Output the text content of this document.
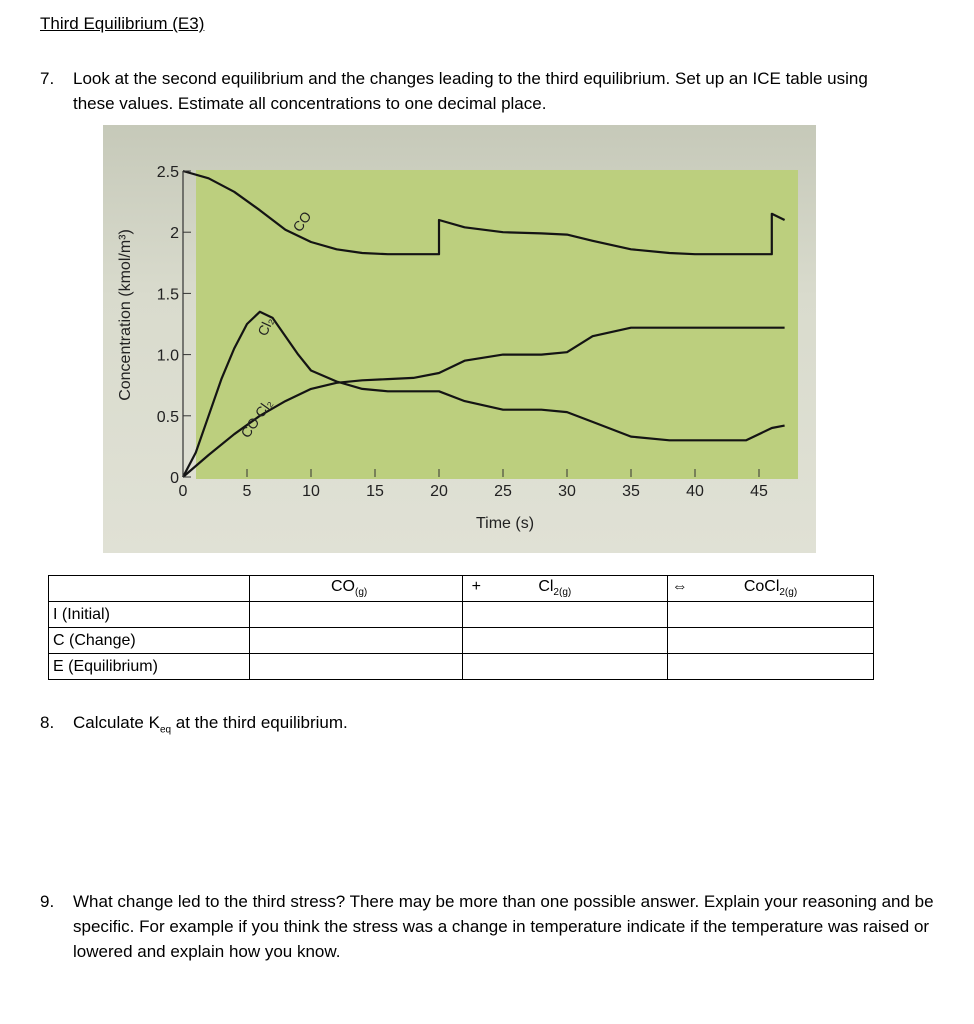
Third Equilibrium (E3)
7. Look at the second equilibrium and the changes leading to the third equilibrium. Set up an ICE table using these values. Estimate all concentrations to one decimal place.
0	5	10	15	20	25	30	35	40	45
0
0.5
1.0
1.5
2
2.5
Concentration (kmol/m³)
Time (s)
CO
Cl₂
CO Cl₂
	$CO_{(g)}$ +	$Cl_{2(g)}$ ⇔	CoCl$_{2(g)}$
I (Initial)			
C (Change)			
E (Equilibrium)			
8. Calculate $K_{eq}$ at the third equilibrium.
9. What change led to the third stress? There may be more than one possible answer. Explain your reasoning and be specific. For example if you think the stress was a change in temperature indicate if the temperature was raised or lowered and explain how you know.
